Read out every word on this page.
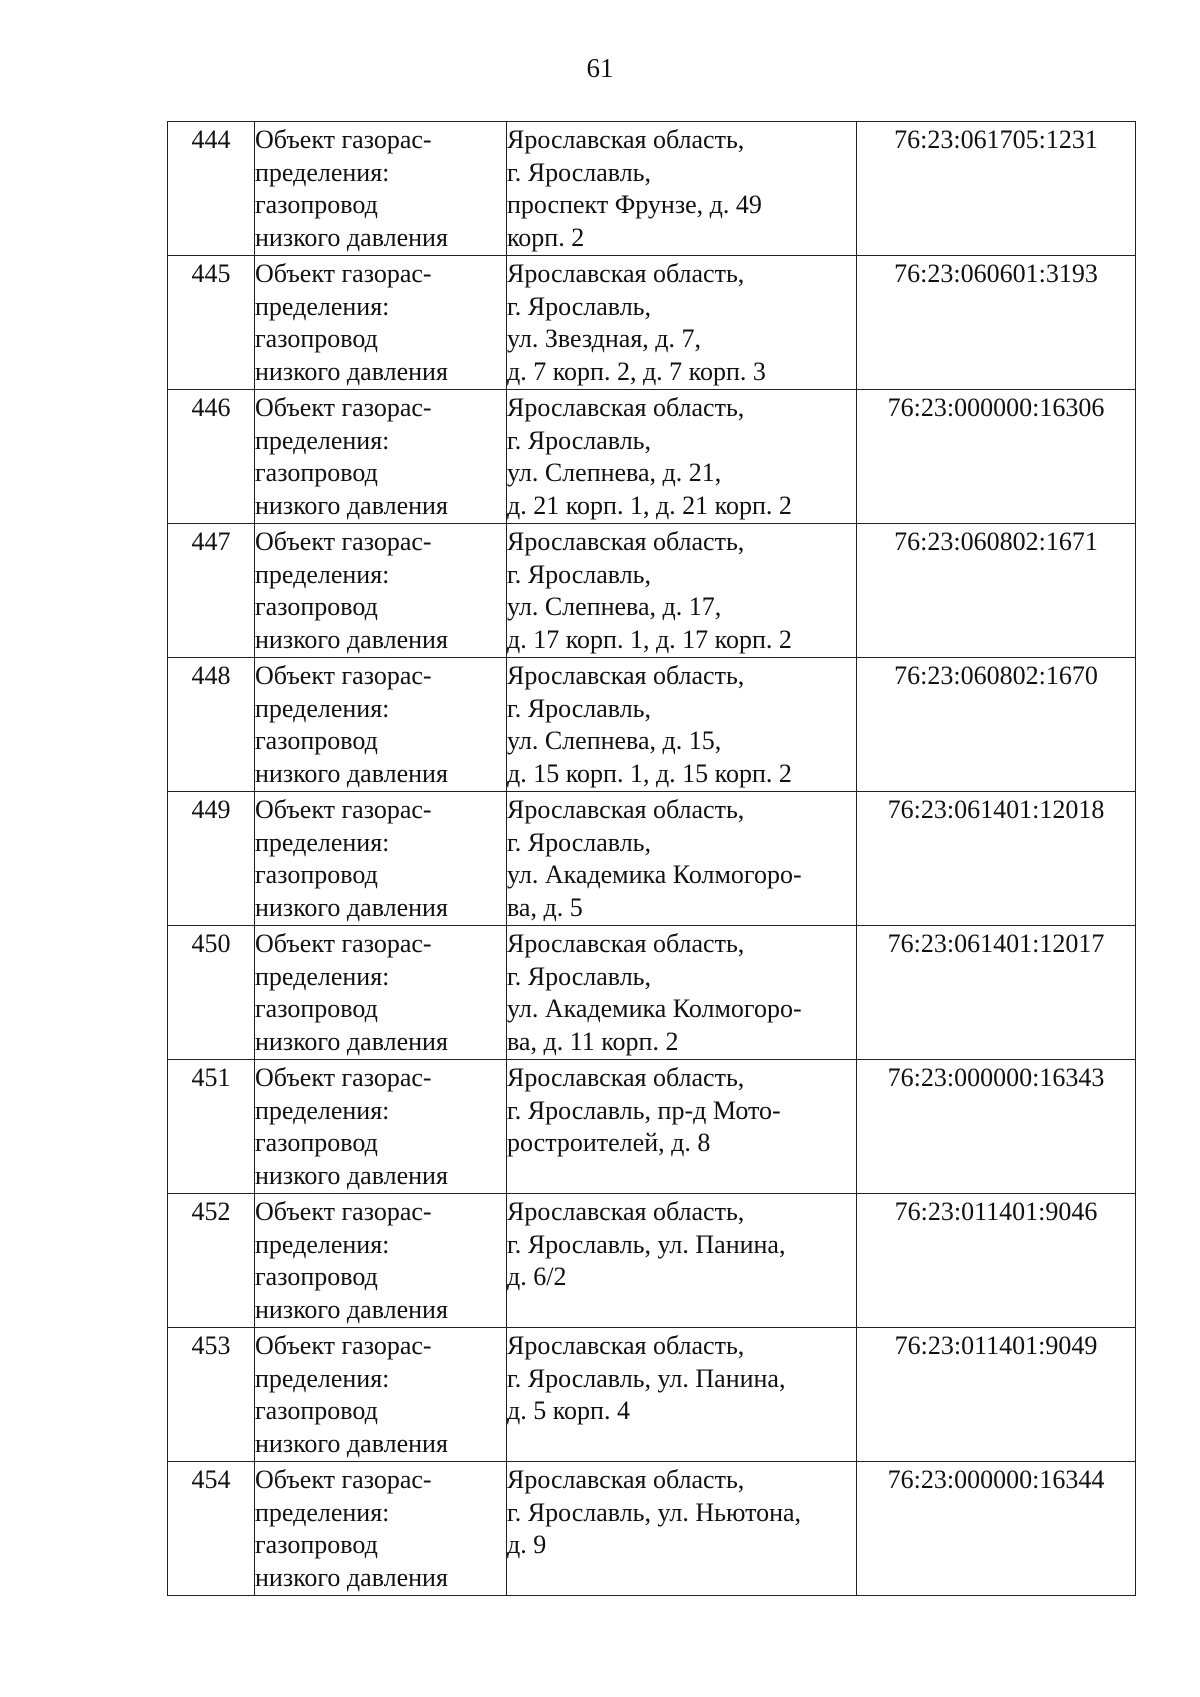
61
444	Объект газорас-
пределения:
газопровод
низкого давления	Ярославская область,
г. Ярославль,
проспект Фрунзе, д. 49
корп. 2	76:23:061705:1231
445	Объект газорас-
пределения:
газопровод
низкого давления	Ярославская область,
г. Ярославль,
ул. Звездная, д. 7,
д. 7 корп. 2, д. 7 корп. 3	76:23:060601:3193
446	Объект газорас-
пределения:
газопровод
низкого давления	Ярославская область,
г. Ярославль,
ул. Слепнева, д. 21,
д. 21 корп. 1, д. 21 корп. 2	76:23:000000:16306
447	Объект газорас-
пределения:
газопровод
низкого давления	Ярославская область,
г. Ярославль,
ул. Слепнева, д. 17,
д. 17 корп. 1, д. 17 корп. 2	76:23:060802:1671
448	Объект газорас-
пределения:
газопровод
низкого давления	Ярославская область,
г. Ярославль,
ул. Слепнева, д. 15,
д. 15 корп. 1, д. 15 корп. 2	76:23:060802:1670
449	Объект газорас-
пределения:
газопровод
низкого давления	Ярославская область,
г. Ярославль,
ул. Академика Колмогоро-
ва, д. 5	76:23:061401:12018
450	Объект газорас-
пределения:
газопровод
низкого давления	Ярославская область,
г. Ярославль,
ул. Академика Колмогоро-
ва, д. 11 корп. 2	76:23:061401:12017
451	Объект газорас-
пределения:
газопровод
низкого давления	Ярославская область,
г. Ярославль, пр-д Мото-
ростроителей, д. 8	76:23:000000:16343
452	Объект газорас-
пределения:
газопровод
низкого давления	Ярославская область,
г. Ярославль, ул. Панина,
д. 6/2	76:23:011401:9046
453	Объект газорас-
пределения:
газопровод
низкого давления	Ярославская область,
г. Ярославль, ул. Панина,
д. 5 корп. 4	76:23:011401:9049
454	Объект газорас-
пределения:
газопровод
низкого давления	Ярославская область,
г. Ярославль, ул. Ньютона,
д. 9	76:23:000000:16344
